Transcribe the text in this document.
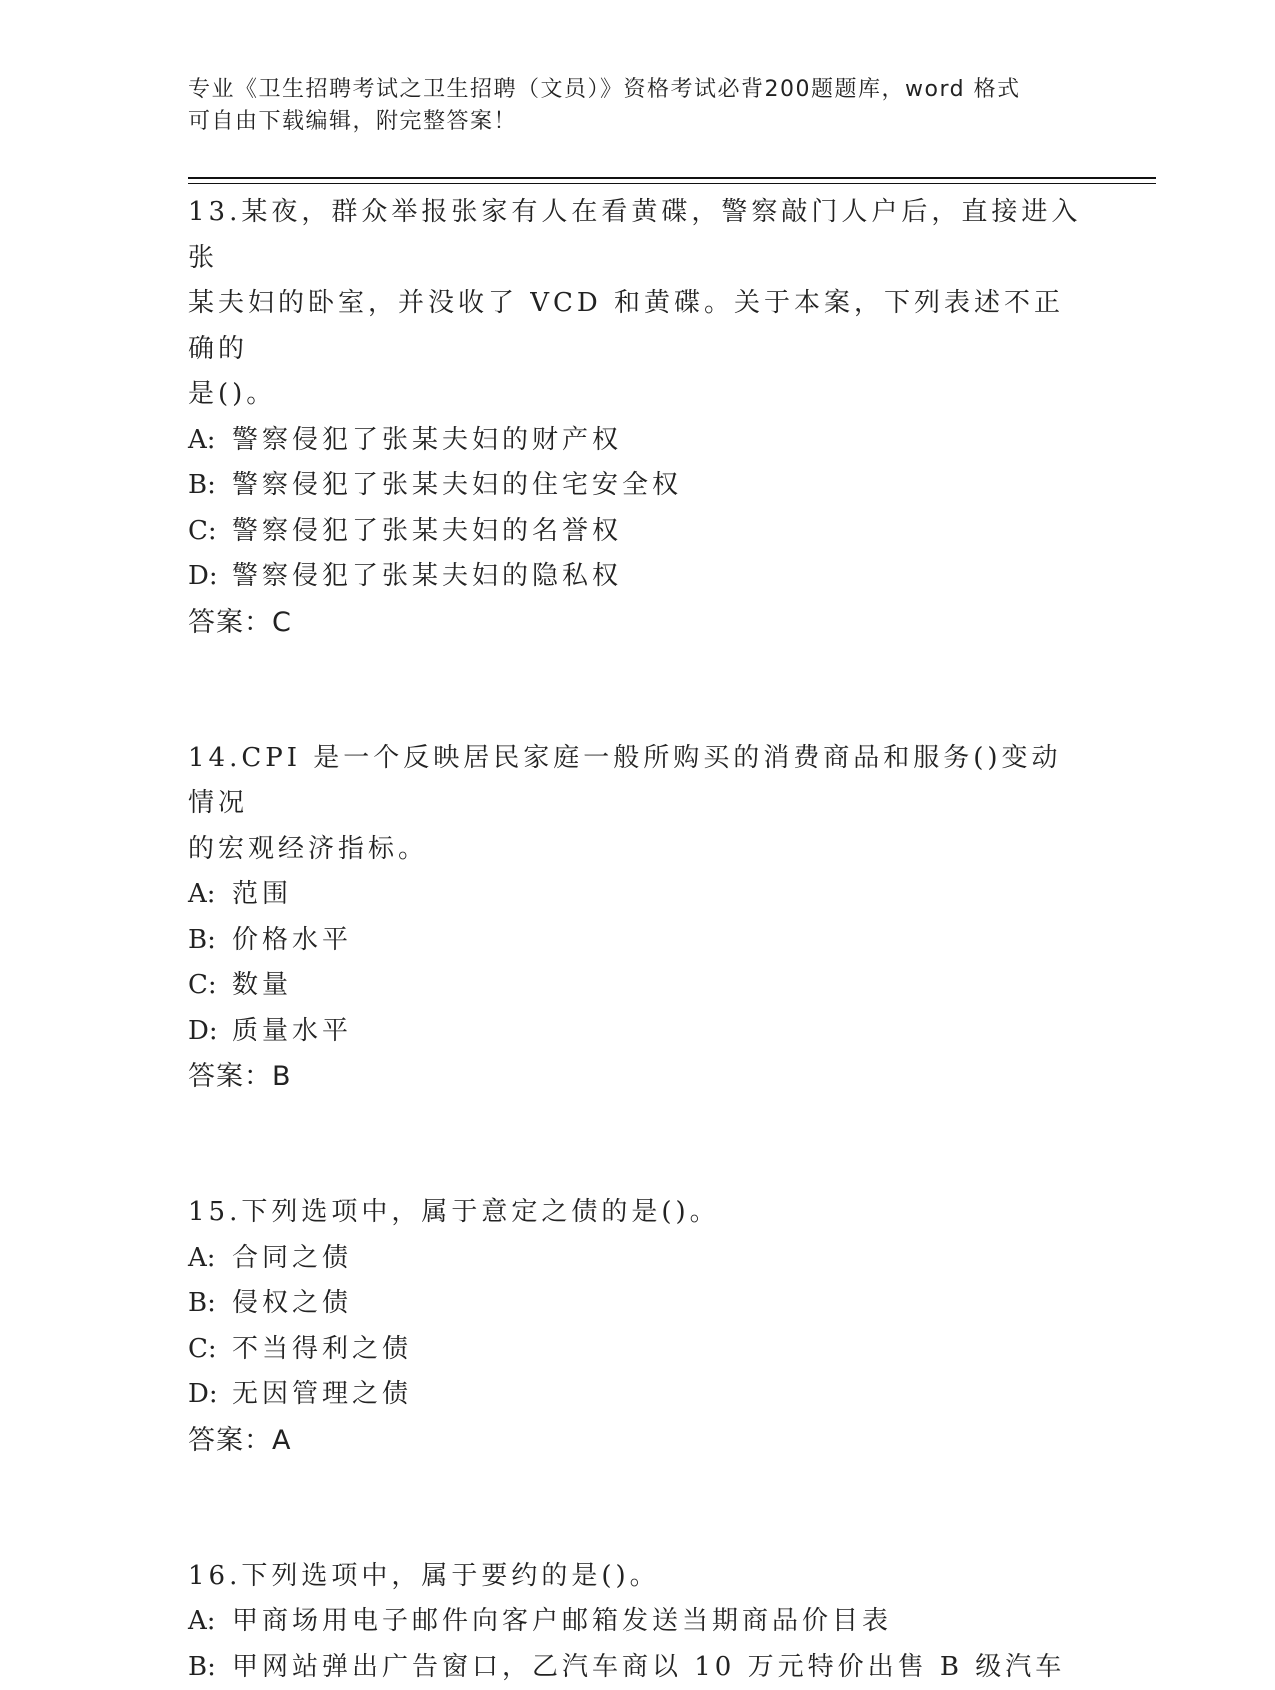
专业《卫生招聘考试之卫生招聘（文员）》资格考试必背200题题库，word 格式
可自由下载编辑，附完整答案！
13.某夜，群众举报张家有人在看黄碟，警察敲门人户后，直接进入张
某夫妇的卧室，并没收了 VCD 和黄碟。关于本案，下列表述不正确的
是()。
A: 警察侵犯了张某夫妇的财产权
B: 警察侵犯了张某夫妇的住宅安全权
C: 警察侵犯了张某夫妇的名誉权
D: 警察侵犯了张某夫妇的隐私权
答案：C
14.CPI 是一个反映居民家庭一般所购买的消费商品和服务()变动情况
的宏观经济指标。
A: 范围
B: 价格水平
C: 数量
D: 质量水平
答案：B
15.下列选项中，属于意定之债的是()。
A: 合同之债
B: 侵权之债
C: 不当得利之债
D: 无因管理之债
答案：A
16.下列选项中，属于要约的是()。
A: 甲商场用电子邮件向客户邮箱发送当期商品价目表
B: 甲网站弹出广告窗口，乙汽车商以 10 万元特价出售 B 级汽车
